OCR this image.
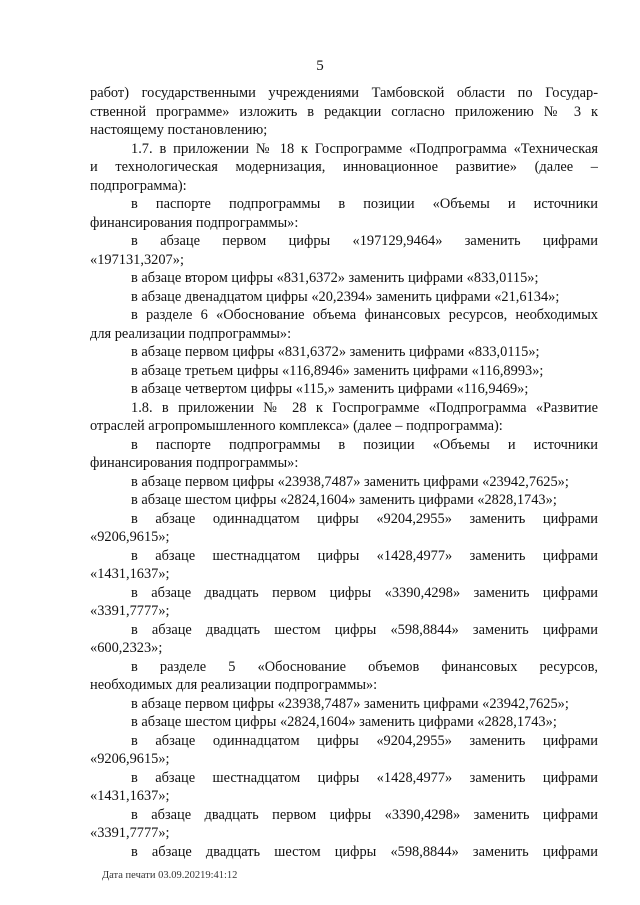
5
работ) государственными учреждениями Тамбовской области по Государ-
ственной программе» изложить в редакции согласно приложению № 3 к
настоящему постановлению;
1.7. в приложении № 18 к Госпрограмме «Подпрограмма «Техническая
и технологическая модернизация, инновационное развитие» (далее –
подпрограмма):
в паспорте подпрограммы в позиции «Объемы и источники
финансирования подпрограммы»:
в абзаце первом цифры «197129,9464» заменить цифрами
«197131,3207»;
в абзаце втором цифры «831,6372» заменить цифрами «833,0115»;
в абзаце двенадцатом цифры «20,2394» заменить цифрами «21,6134»;
в разделе 6 «Обоснование объема финансовых ресурсов, необходимых
для реализации подпрограммы»:
в абзаце первом цифры «831,6372» заменить цифрами «833,0115»;
в абзаце третьем цифры «116,8946» заменить цифрами «116,8993»;
в абзаце четвертом цифры «115,» заменить цифрами «116,9469»;
1.8. в приложении № 28 к Госпрограмме «Подпрограмма «Развитие
отраслей агропромышленного комплекса» (далее – подпрограмма):
в паспорте подпрограммы в позиции «Объемы и источники
финансирования подпрограммы»:
в абзаце первом цифры «23938,7487» заменить цифрами «23942,7625»;
в абзаце шестом цифры «2824,1604» заменить цифрами «2828,1743»;
в абзаце одиннадцатом цифры «9204,2955» заменить цифрами
«9206,9615»;
в абзаце шестнадцатом цифры «1428,4977» заменить цифрами
«1431,1637»;
в абзаце двадцать первом цифры «3390,4298» заменить цифрами
«3391,7777»;
в абзаце двадцать шестом цифры «598,8844» заменить цифрами
«600,2323»;
в разделе 5 «Обоснование объемов финансовых ресурсов,
необходимых для реализации подпрограммы»:
в абзаце первом цифры «23938,7487» заменить цифрами «23942,7625»;
в абзаце шестом цифры «2824,1604» заменить цифрами «2828,1743»;
в абзаце одиннадцатом цифры «9204,2955» заменить цифрами
«9206,9615»;
в абзаце шестнадцатом цифры «1428,4977» заменить цифрами
«1431,1637»;
в абзаце двадцать первом цифры «3390,4298» заменить цифрами
«3391,7777»;
в абзаце двадцать шестом цифры «598,8844» заменить цифрами
Дата печати 03.09.20219:41:12
